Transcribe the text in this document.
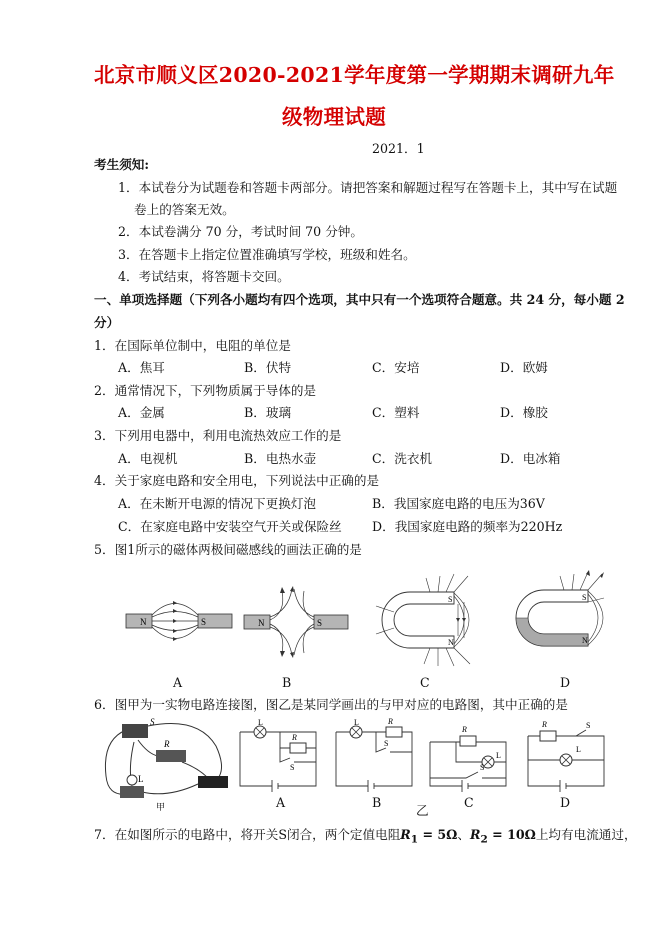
北京市顺义区2020-2021学年度第一学期期末调研九年
级物理试题
2021．1
考生须知:
1．本试卷分为试题卷和答题卡两部分。请把答案和解题过程写在答题卡上，其中写在试题
卷上的答案无效。
2．本试卷满分 70 分，考试时间 70 分钟。
3．在答题卡上指定位置准确填写学校，班级和姓名。
4．考试结束，将答题卡交回。
一、单项选择题（下列各小题均有四个选项，其中只有一个选项符合题意。共 24 分，每小题 2
分）
1．在国际单位制中，电阻的单位是
A．焦耳	B．伏特	C．安培	D．欧姆
2．通常情况下，下列物质属于导体的是
A．金属	B．玻璃	C．塑料	D．橡胶
3．下列用电器中，利用电流热效应工作的是
A．电视机	B．电热水壶	C．洗衣机	D．电冰箱
4．关于家庭电路和安全用电，下列说法中正确的是
A．在未断开电源的情况下更换灯泡	B．我国家庭电路的电压为36V
C．在家庭电路中安装空气开关或保险丝 D．我国家庭电路的频率为220Hz
5．图1所示的磁体两极间磁感线的画法正确的是
N	S	N	S
S
N
S
N
A	B	C	D
6．图甲为一实物电路连接图，图乙是某同学画出的与甲对应的电路图，其中正确的是
S
R
L
甲
L
R
S
L	R
S
R
L
S
R
L
S
A	B	C	D
乙
7．在如图所示的电路中，将开关S闭合，两个定值电阻$R_1 = 5\Omega$、$R_2 = 10\Omega$上均有电流通过，
